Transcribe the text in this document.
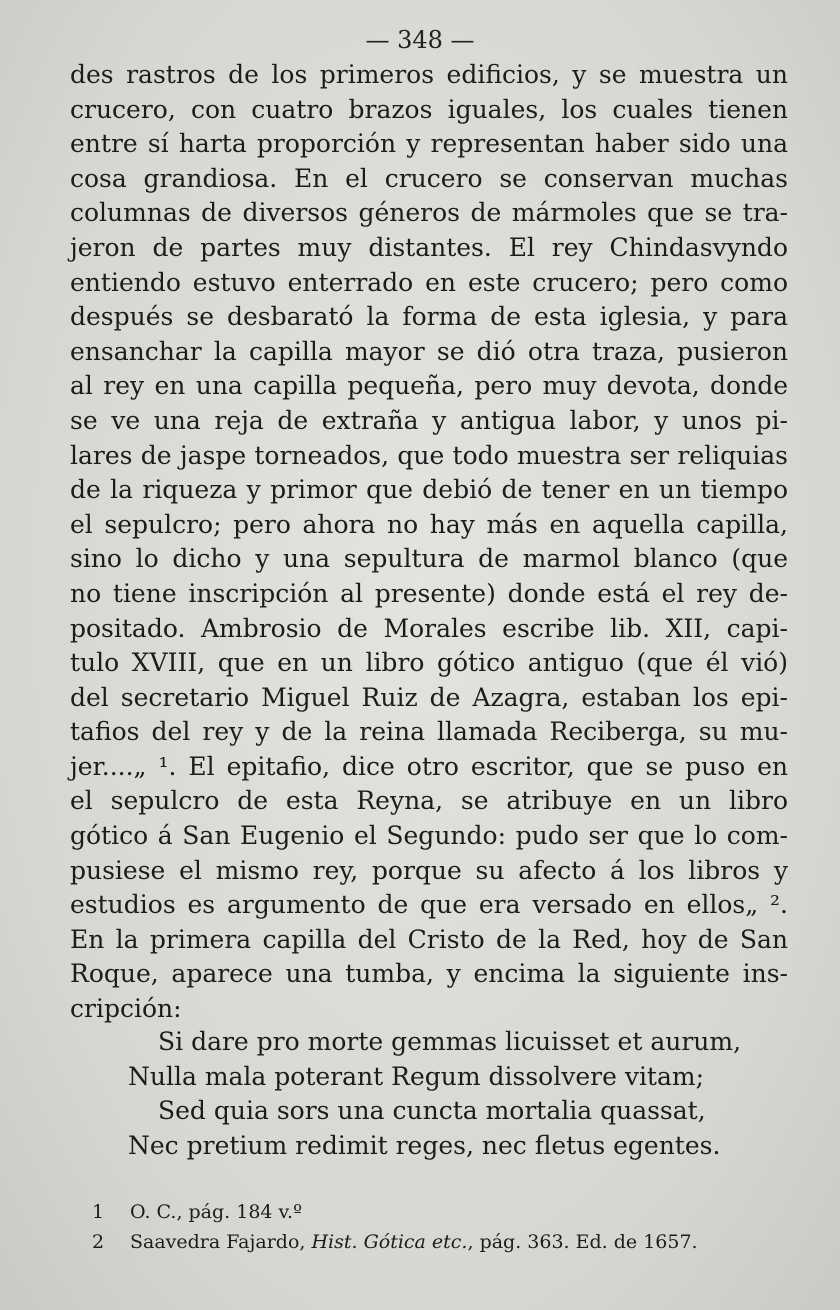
— 348 —
des rastros de los primeros edificios, y se muestra un
crucero, con cuatro brazos iguales, los cuales tienen
entre sí harta proporción y representan haber sido una
cosa grandiosa. En el crucero se conservan muchas
columnas de diversos géneros de mármoles que se tra-
jeron de partes muy distantes. El rey Chindasvyndo
entiendo estuvo enterrado en este crucero; pero como
después se desbarató la forma de esta iglesia, y para
ensanchar la capilla mayor se dió otra traza, pusieron
al rey en una capilla pequeña, pero muy devota, donde
se ve una reja de extraña y antigua labor, y unos pi-
lares de jaspe torneados, que todo muestra ser reliquias
de la riqueza y primor que debió de tener en un tiempo
el sepulcro; pero ahora no hay más en aquella capilla,
sino lo dicho y una sepultura de marmol blanco (que
no tiene inscripción al presente) donde está el rey de-
positado. Ambrosio de Morales escribe lib. XII, capi-
tulo XVIII, que en un libro gótico antiguo (que él vió)
del secretario Miguel Ruiz de Azagra, estaban los epi-
tafios del rey y de la reina llamada Reciberga, su mu-
jer....„ ¹. El epitafio, dice otro escritor, que se puso en
el sepulcro de esta Reyna, se atribuye en un libro
gótico á San Eugenio el Segundo: pudo ser que lo com-
pusiese el mismo rey, porque su afecto á los libros y
estudios es argumento de que era versado en ellos„ ².
En la primera capilla del Cristo de la Red, hoy de San
Roque, aparece una tumba, y encima la siguiente ins-
cripción:
Si dare pro morte gemmas licuisset et aurum,
Nulla mala poterant Regum dissolvere vitam;
Sed quia sors una cuncta mortalia quassat,
Nec pretium redimit reges, nec fletus egentes.
1 O. C., pág. 184 v.º
2 Saavedra Fajardo, Hist. Gótica etc., pág. 363. Ed. de 1657.
